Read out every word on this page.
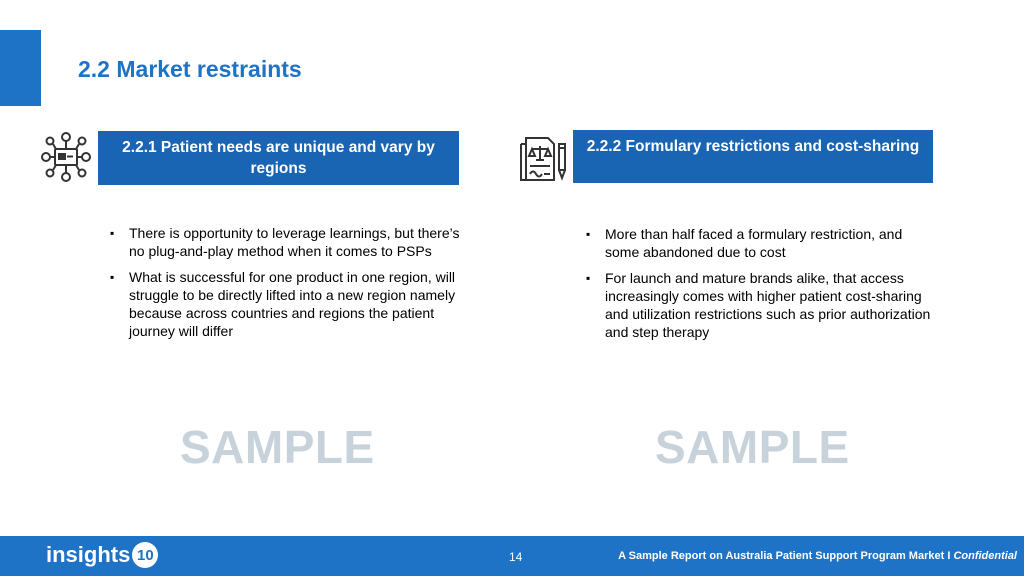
2.2 Market restraints
2.2.1 Patient needs are unique and vary by regions
▪ There is opportunity to leverage learnings, but there’s no plug-and-play method when it comes to PSPs
▪ What is successful for one product in one region, will struggle to be directly lifted into a new region namely because across countries and regions the patient journey will differ
SAMPLE
2.2.2 Formulary restrictions and cost-sharing
▪ More than half faced a formulary restriction, and some abandoned due to cost
▪ For launch and mature brands alike, that access increasingly comes with higher patient cost-sharing and utilization restrictions such as prior authorization and step therapy
SAMPLE
insights 10	14	A Sample Report on Australia Patient Support Program Market I Confidential
